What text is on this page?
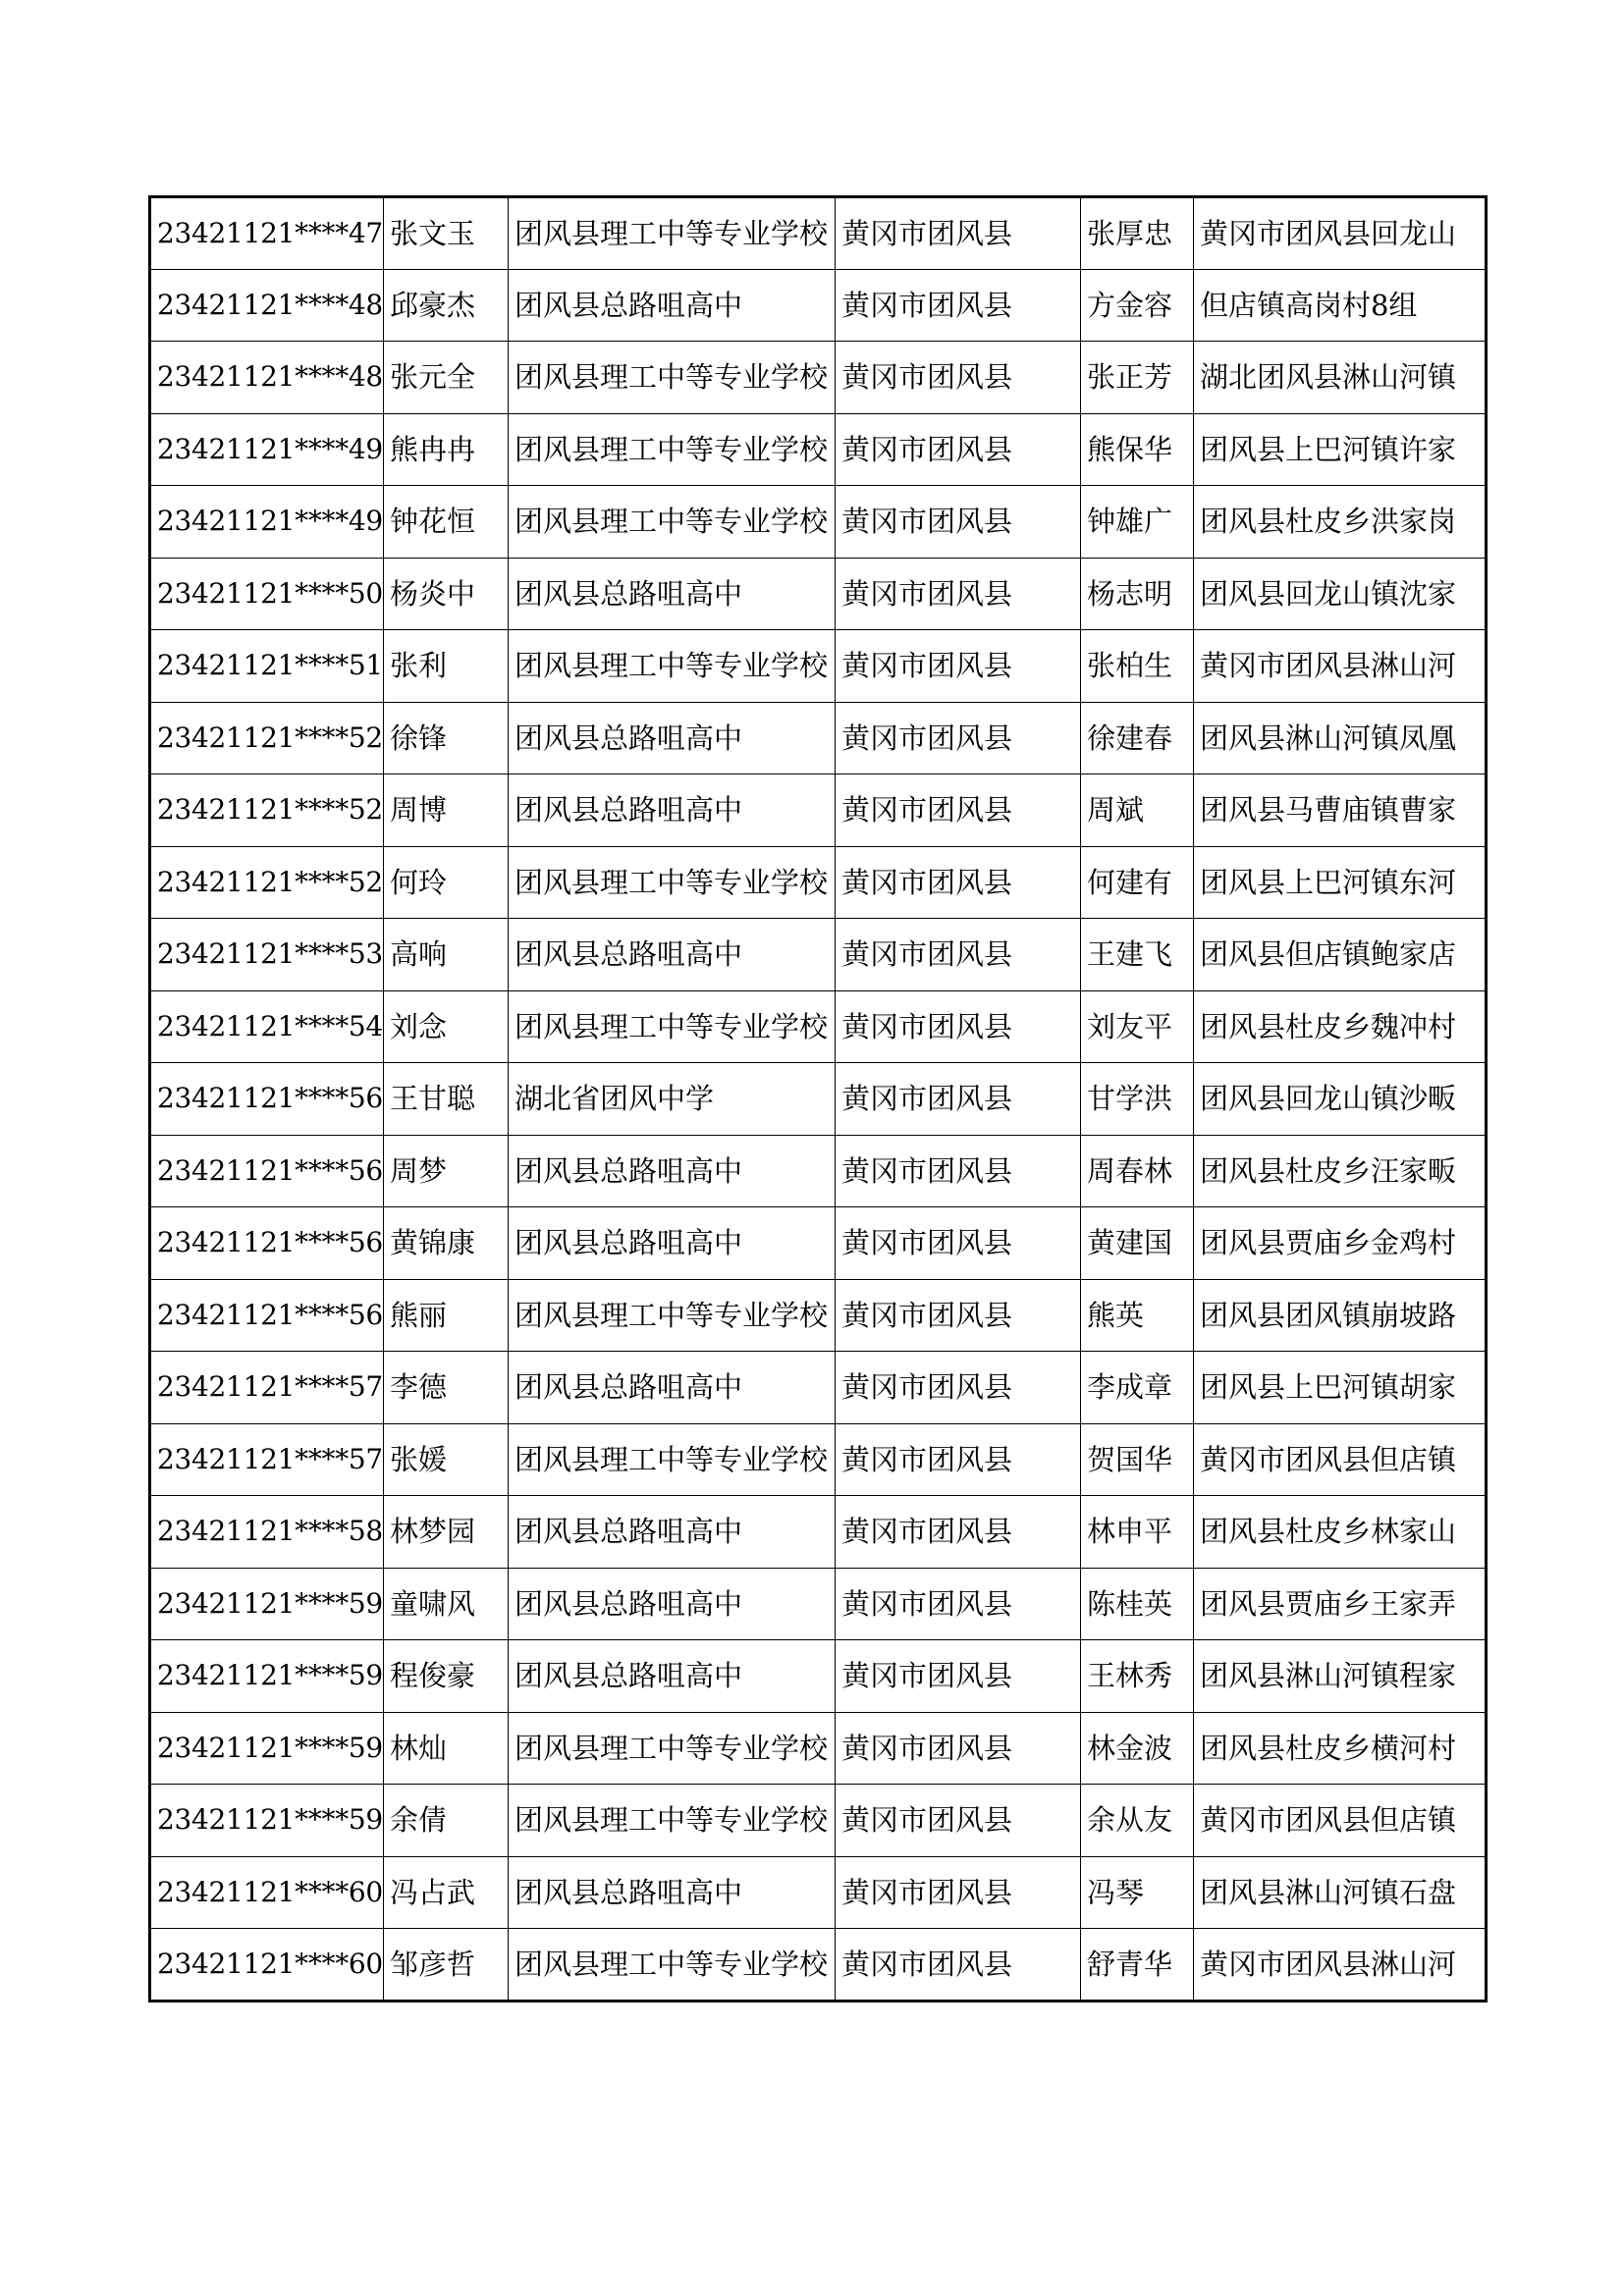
23421121****47	张文玉	团风县理工中等专业学校	黄冈市团风县	张厚忠	黄冈市团风县回龙山
23421121****48	邱豪杰	团风县总路咀高中	黄冈市团风县	方金容	但店镇高岗村8组
23421121****48	张元全	团风县理工中等专业学校	黄冈市团风县	张正芳	湖北团风县淋山河镇
23421121****49	熊冉冉	团风县理工中等专业学校	黄冈市团风县	熊保华	团风县上巴河镇许家
23421121****49	钟花恒	团风县理工中等专业学校	黄冈市团风县	钟雄广	团风县杜皮乡洪家岗
23421121****50	杨炎中	团风县总路咀高中	黄冈市团风县	杨志明	团风县回龙山镇沈家
23421121****51	张利	团风县理工中等专业学校	黄冈市团风县	张柏生	黄冈市团风县淋山河
23421121****52	徐锋	团风县总路咀高中	黄冈市团风县	徐建春	团风县淋山河镇凤凰
23421121****52	周博	团风县总路咀高中	黄冈市团风县	周斌	团风县马曹庙镇曹家
23421121****52	何玲	团风县理工中等专业学校	黄冈市团风县	何建有	团风县上巴河镇东河
23421121****53	高响	团风县总路咀高中	黄冈市团风县	王建飞	团风县但店镇鲍家店
23421121****54	刘念	团风县理工中等专业学校	黄冈市团风县	刘友平	团风县杜皮乡魏冲村
23421121****56	王甘聪	湖北省团风中学	黄冈市团风县	甘学洪	团风县回龙山镇沙畈
23421121****56	周梦	团风县总路咀高中	黄冈市团风县	周春林	团风县杜皮乡汪家畈
23421121****56	黄锦康	团风县总路咀高中	黄冈市团风县	黄建国	团风县贾庙乡金鸡村
23421121****56	熊丽	团风县理工中等专业学校	黄冈市团风县	熊英	团风县团风镇崩坡路
23421121****57	李德	团风县总路咀高中	黄冈市团风县	李成章	团风县上巴河镇胡家
23421121****57	张媛	团风县理工中等专业学校	黄冈市团风县	贺国华	黄冈市团风县但店镇
23421121****58	林梦园	团风县总路咀高中	黄冈市团风县	林申平	团风县杜皮乡林家山
23421121****59	童啸风	团风县总路咀高中	黄冈市团风县	陈桂英	团风县贾庙乡王家弄
23421121****59	程俊豪	团风县总路咀高中	黄冈市团风县	王林秀	团风县淋山河镇程家
23421121****59	林灿	团风县理工中等专业学校	黄冈市团风县	林金波	团风县杜皮乡横河村
23421121****59	余倩	团风县理工中等专业学校	黄冈市团风县	余从友	黄冈市团风县但店镇
23421121****60	冯占武	团风县总路咀高中	黄冈市团风县	冯琴	团风县淋山河镇石盘
23421121****60	邹彦哲	团风县理工中等专业学校	黄冈市团风县	舒青华	黄冈市团风县淋山河
